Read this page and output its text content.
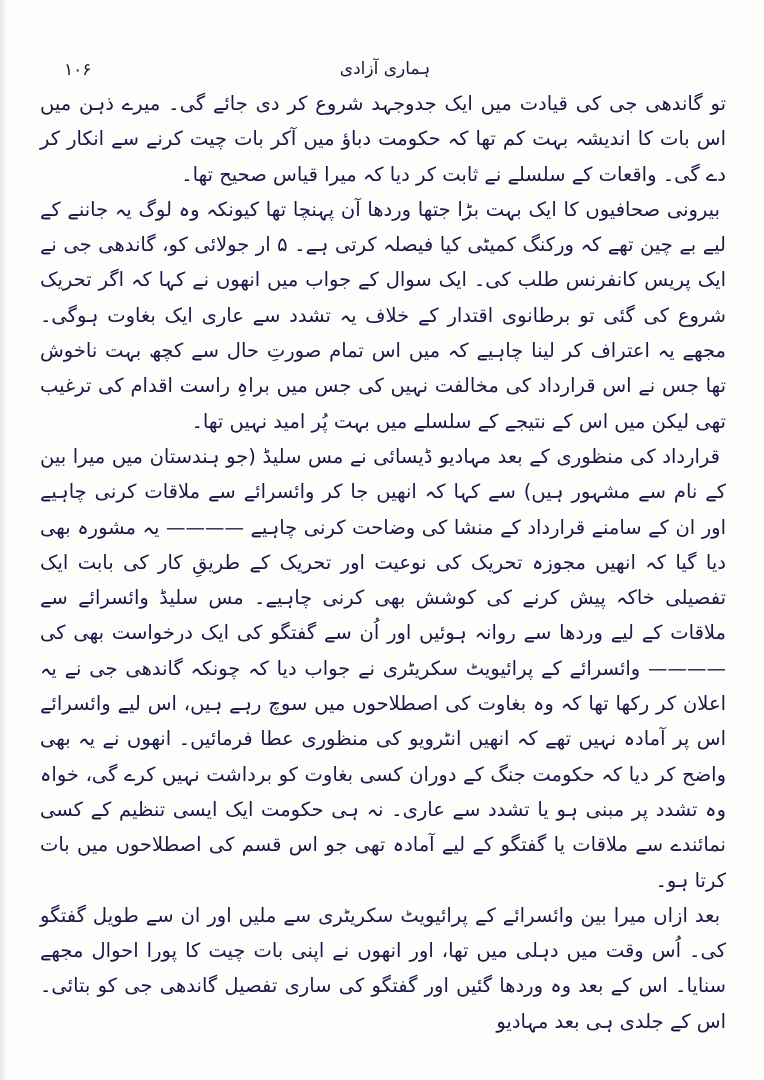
۱۰۶	ہماری آزادی

تو گاندھی جی کی قیادت میں ایک جدوجہد شروع کر دی جائے گی۔ میرے ذہن میں اس بات کا اندیشہ بہت کم تھا کہ حکومت دباؤ میں آکر بات چیت کرنے سے انکار کر دے گی۔ واقعات کے سلسلے نے ثابت کر دیا کہ میرا قیاس صحیح تھا۔

بیرونی صحافیوں کا ایک بہت بڑا جتھا وردھا آن پہنچا تھا کیونکہ وہ لوگ یہ جاننے کے لیے بے چین تھے کہ ورکنگ کمیٹی کیا فیصلہ کرتی ہے۔ ۵ ار جولائی کو، گاندھی جی نے ایک پریس کانفرنس طلب کی۔ ایک سوال کے جواب میں انھوں نے کہا کہ اگر تحریک شروع کی گئی تو برطانوی اقتدار کے خلاف یہ تشدد سے عاری ایک بغاوت ہوگی۔ مجھے یہ اعتراف کر لینا چاہیے کہ میں اس تمام صورتِ حال سے کچھ بہت ناخوش تھا جس نے اس قرارداد کی مخالفت نہیں کی جس میں براہِ راست اقدام کی ترغیب تھی لیکن میں اس کے نتیجے کے سلسلے میں بہت پُر امید نہیں تھا۔

قرارداد کی منظوری کے بعد مہادیو ڈیسائی نے مس سلیڈ (جو ہندستان میں میرا بین کے نام سے مشہور ہیں) سے کہا کہ انھیں جا کر وائسرائے سے ملاقات کرنی چاہیے اور ان کے سامنے قرارداد کے منشا کی وضاحت کرنی چاہیے ———— یہ مشورہ بھی دیا گیا کہ انھیں مجوزہ تحریک کی نوعیت اور تحریک کے طریقِ کار کی بابت ایک تفصیلی خاکہ پیش کرنے کی کوشش بھی کرنی چاہیے۔ مس سلیڈ وائسرائے سے ملاقات کے لیے وردھا سے روانہ ہوئیں اور اُن سے گفتگو کی ایک درخواست بھی کی ———— وائسرائے کے پرائیویٹ سکریٹری نے جواب دیا کہ چونکہ گاندھی جی نے یہ اعلان کر رکھا تھا کہ وہ بغاوت کی اصطلاحوں میں سوچ رہے ہیں، اس لیے وائسرائے اس پر آمادہ نہیں تھے کہ انھیں انٹرویو کی منظوری عطا فرمائیں۔ انھوں نے یہ بھی واضح کر دیا کہ حکومت جنگ کے دوران کسی بغاوت کو برداشت نہیں کرے گی، خواہ وہ تشدد پر مبنی ہو یا تشدد سے عاری۔ نہ ہی حکومت ایک ایسی تنظیم کے کسی نمائندے سے ملاقات یا گفتگو کے لیے آمادہ تھی جو اس قسم کی اصطلاحوں میں بات کرتا ہو۔

بعد ازاں میرا بین وائسرائے کے پرائیویٹ سکریٹری سے ملیں اور ان سے طویل گفتگو کی۔ اُس وقت میں دہلی میں تھا، اور انھوں نے اپنی بات چیت کا پورا احوال مجھے سنایا۔ اس کے بعد وہ وردھا گئیں اور گفتگو کی ساری تفصیل گاندھی جی کو بتائی۔ اس کے جلدی ہی بعد مہادیو
